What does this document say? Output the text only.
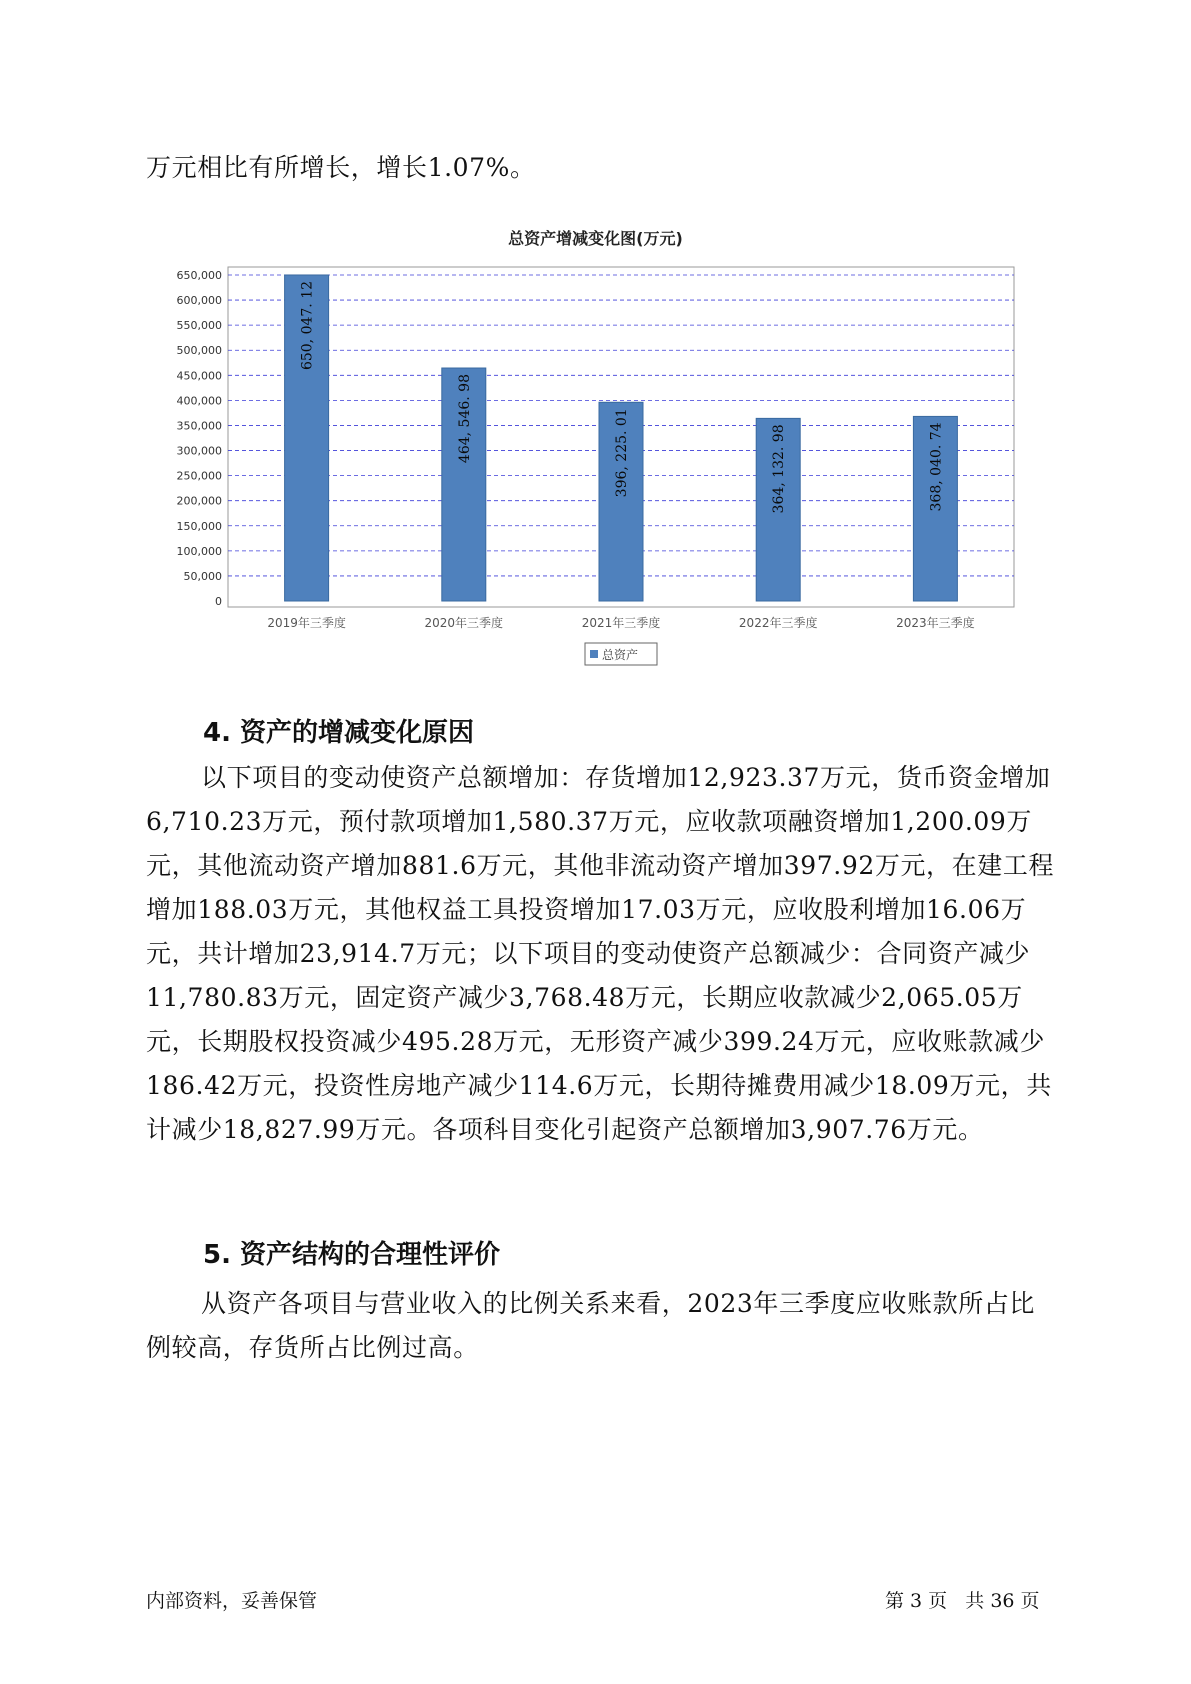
万元相比有所增长，增长1.07%。

总资产增减变化图(万元)
0
50,000
100,000
150,000
200,000
250,000
300,000
350,000
400,000
450,000
500,000
550,000
600,000
650,000
650, 047. 12
2019年三季度
464, 546. 98
2020年三季度
396, 225. 01
2021年三季度
364, 132. 98
2022年三季度
368, 040. 74
2023年三季度
总资产
4. 资产的增减变化原因

以下项目的变动使资产总额增加：存货增加12,923.37万元，货币资金增加6,710.23万元，预付款项增加1,580.37万元，应收款项融资增加1,200.09万元，其他流动资产增加881.6万元，其他非流动资产增加397.92万元，在建工程增加188.03万元，其他权益工具投资增加17.03万元，应收股利增加16.06万元，共计增加23,914.7万元；以下项目的变动使资产总额减少：合同资产减少11,780.83万元，固定资产减少3,768.48万元，长期应收款减少2,065.05万元，长期股权投资减少495.28万元，无形资产减少399.24万元，应收账款减少186.42万元，投资性房地产减少114.6万元，长期待摊费用减少18.09万元，共计减少18,827.99万元。各项科目变化引起资产总额增加3,907.76万元。

5. 资产结构的合理性评价

从资产各项目与营业收入的比例关系来看，2023年三季度应收账款所占比例较高，存货所占比例过高。

内部资料，妥善保管	第 3 页   共 36 页
